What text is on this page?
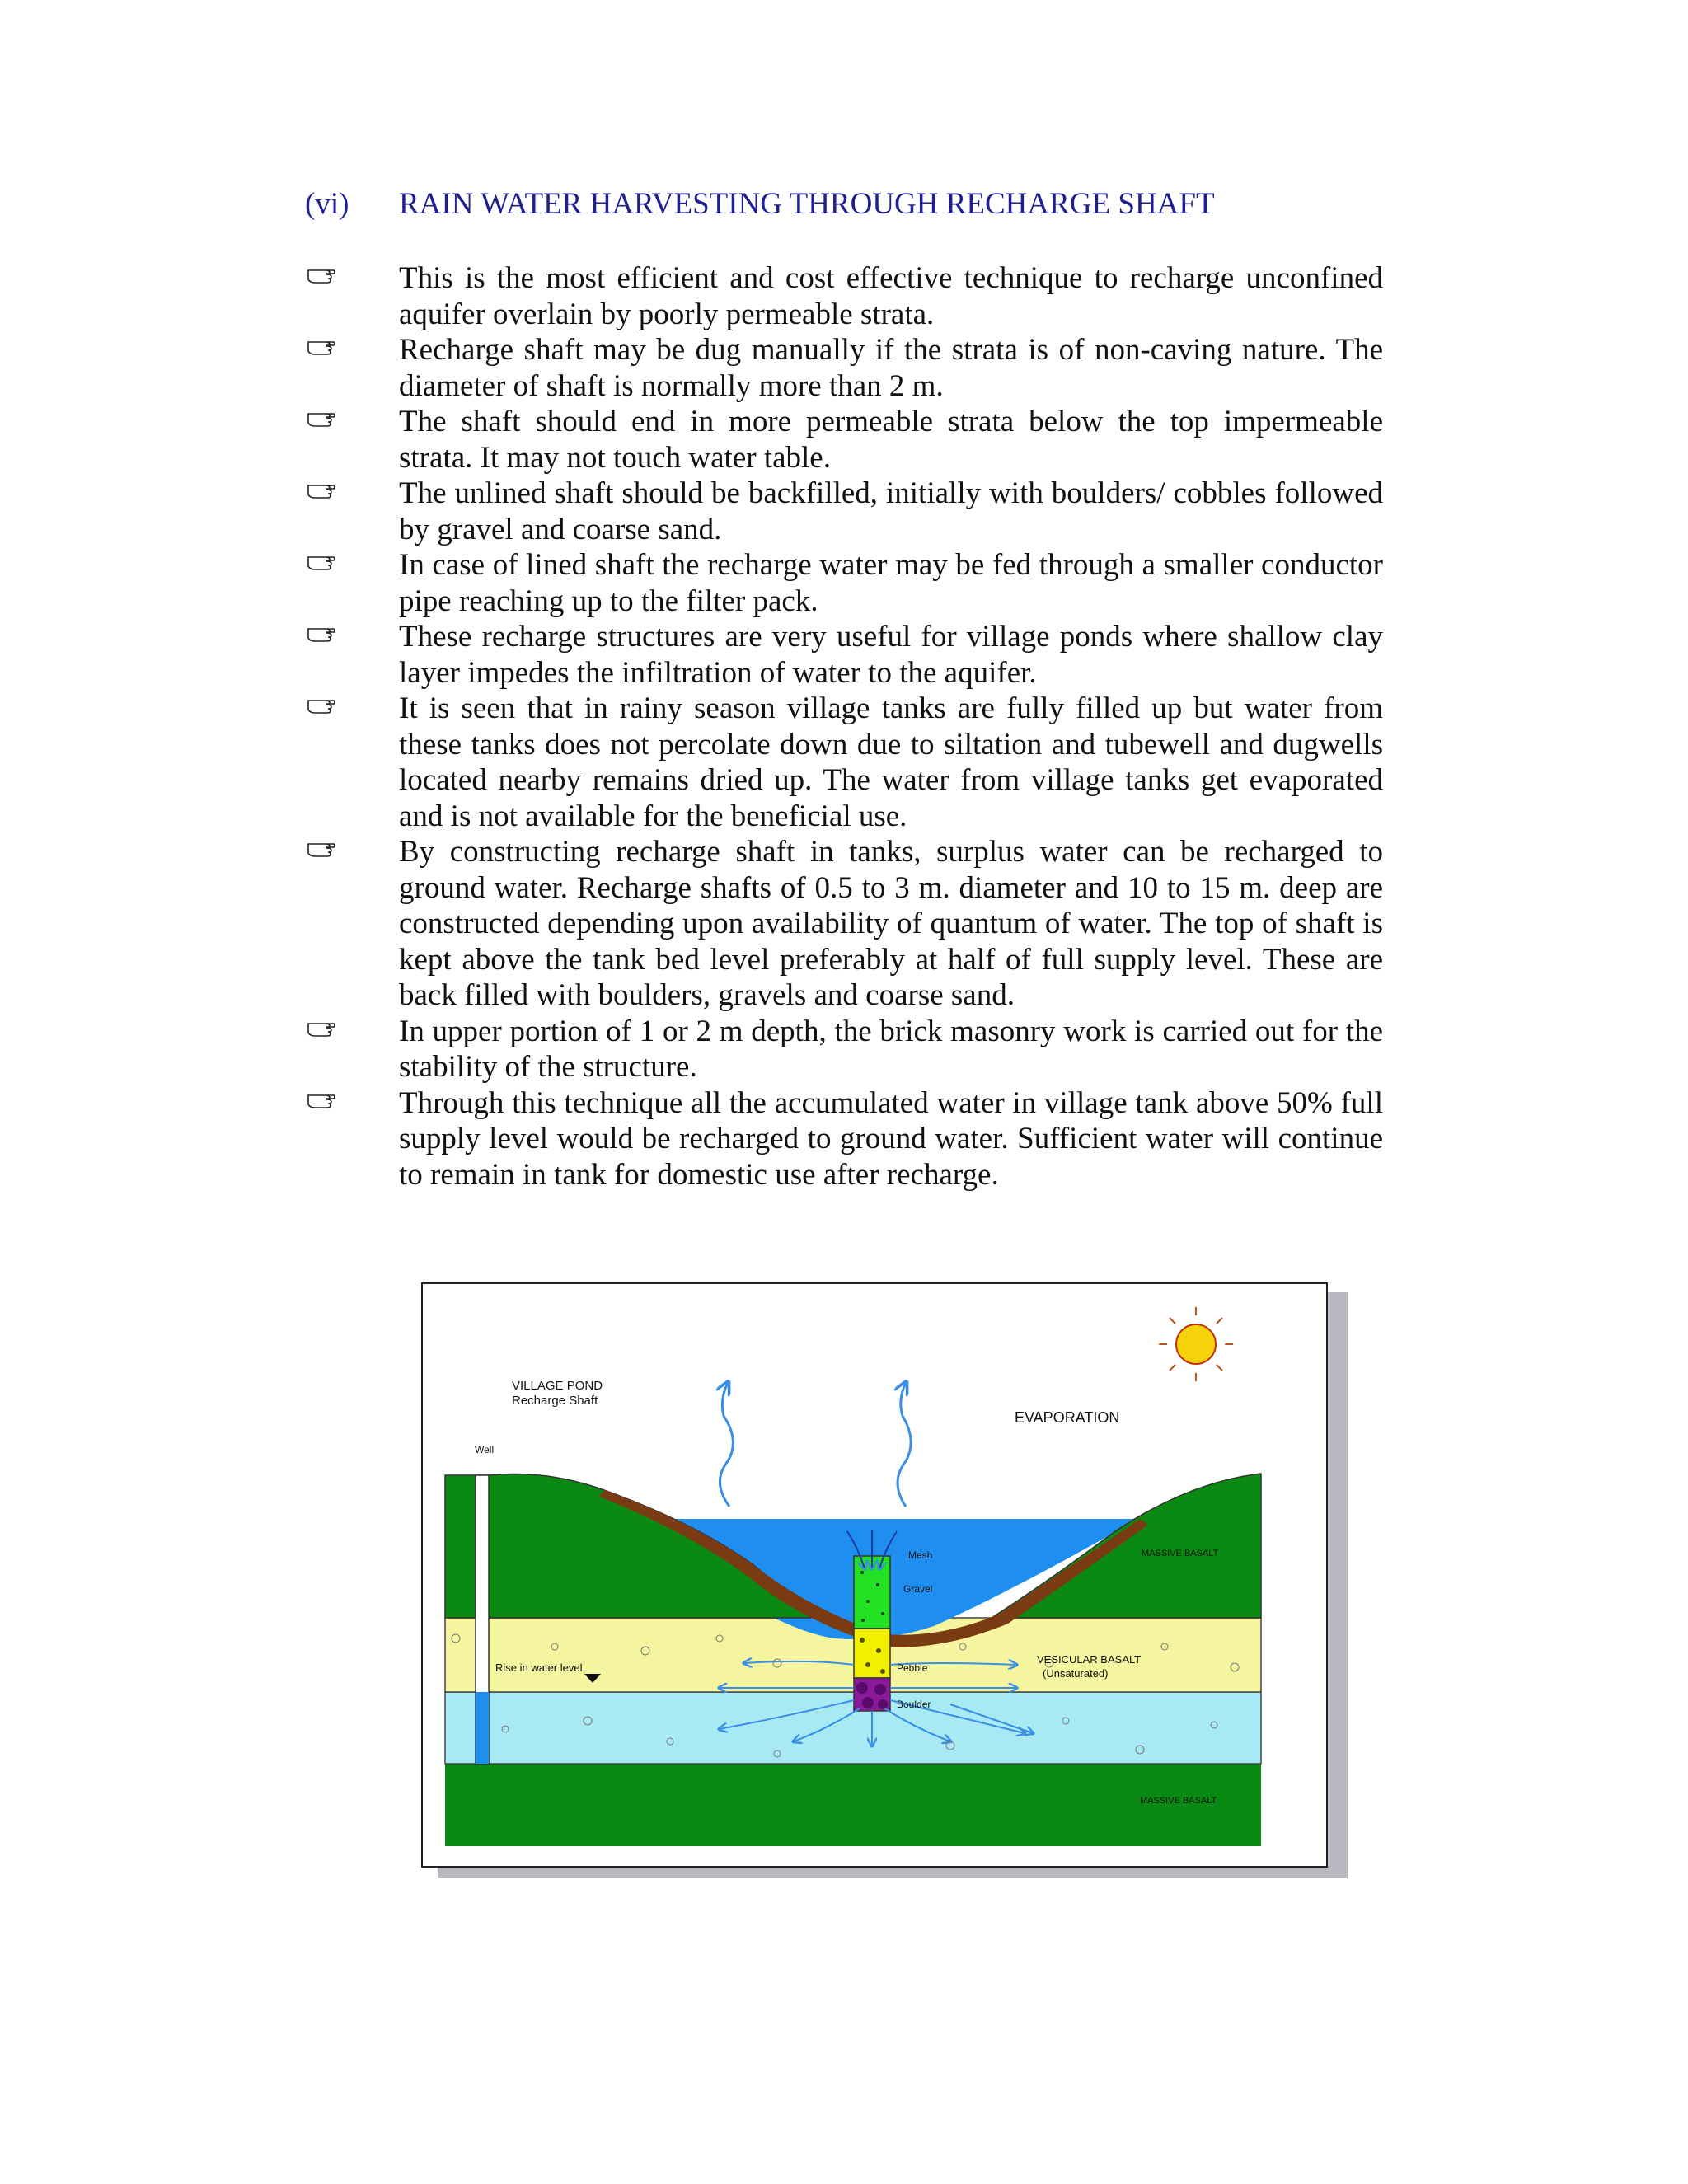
(vi) RAIN WATER HARVESTING THROUGH RECHARGE SHAFT
This is the most efficient and cost effective technique to recharge unconfined aquifer overlain by poorly permeable strata.
Recharge shaft may be dug manually if the strata is of non-caving nature. The diameter of shaft is normally more than 2 m.
The shaft should end in more permeable strata below the top impermeable strata. It may not touch water table.
The unlined shaft should be backfilled, initially with boulders/ cobbles followed by gravel and coarse sand.
In case of lined shaft the recharge water may be fed through a smaller conductor pipe reaching up to the filter pack.
These recharge structures are very useful for village ponds where shallow clay layer impedes the infiltration of water to the aquifer.
It is seen that in rainy season village tanks are fully filled up but water from these tanks does not percolate down due to siltation and tubewell and dugwells located nearby remains dried up. The water from village tanks get evaporated and is not available for the beneficial use.
By constructing recharge shaft in tanks, surplus water can be recharged to ground water. Recharge shafts of 0.5 to 3 m. diameter and 10 to 15 m. deep are constructed depending upon availability of quantum of water. The top of shaft is kept above the tank bed level preferably at half of full supply level. These are back filled with boulders, gravels and coarse sand.
In upper portion of 1 or 2 m depth, the brick masonry work is carried out for the stability of the structure.
Through this technique all the accumulated water in village tank above 50% full supply level would be recharged to ground water. Sufficient water will continue to remain in tank for domestic use after recharge.
VILLAGE POND
Recharge Shaft
EVAPORATION
Well
Mesh
Gravel
Pebble
Boulder
Rise in water level
MASSIVE BASALT
VESICULAR BASALT
(Unsaturated)
MASSIVE BASALT
